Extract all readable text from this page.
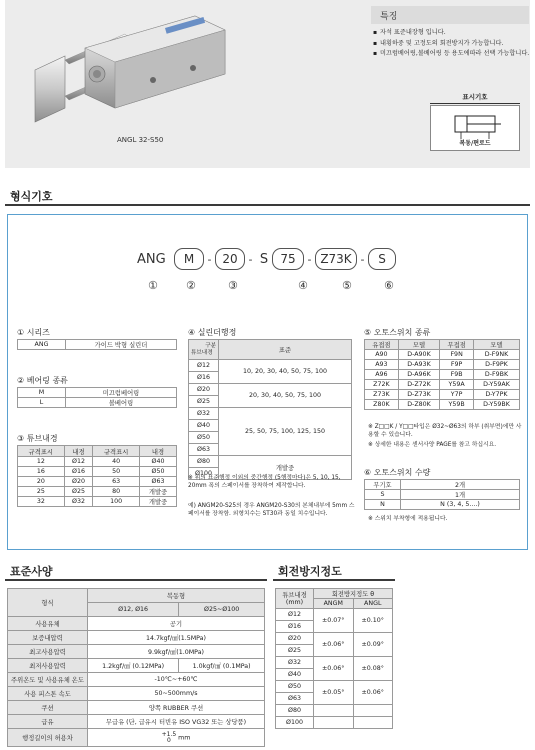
ANGL 32-S50
특징
▪ 자석 표준내장형 입니다.
▪ 내횡하중 및 고정도의 회전방지가 가능합니다.
▪ 미끄럼베어링,볼베어링 등 용도에따라 선택 가능합니다.
표시기호
복동/편로드
형식기호
ANG	M	- 20 - S	75	- Z73K -	S
①	②	③	④	⑤	⑥
① 시리즈
ANG	가이드 박형 실린더
② 베어링 종류
M	미끄럼베어링
L	볼베어링
③ 튜브내경
규격표시	내경	규격표시	내경
12	Ø12	40	Ø40
16	Ø16	50	Ø50
20	Ø20	63	Ø63
25	Ø25	80	개발중
32	Ø32	100	개발중
④ 실린더행정
구분
튜브내경	표준
Ø12	10, 20, 30, 40, 50, 75, 100
Ø16	
Ø20	20, 30, 40, 50, 75, 100
Ø25	
Ø32	25, 50, 75, 100, 125, 150
Ø40	
Ø50	
Ø63	
Ø80	개발중
Ø100	
※ 위의 표준행정 이외의 중간행정 (5행정마다)은 5, 10, 15, 20mm 폭의 스페이서를 장착하여 제작합니다.
예) ANGM20-S25의 경우 ANGM20-S30의 본체내부에 5mm 스페이서를 장착함. 외형치수는 ST30과 동일 치수입니다.
⑤ 오토스위치 종류
유접점	모델	무접점	모델
A90	D-A90K	F9N	D-F9NK
A93	D-A93K	F9P	D-F9PK
A96	D-A96K	F9B	D-F9BK
Z72K	D-Z72K	Y59A	D-Y59AK
Z73K	D-Z73K	Y7P	D-Y7PK
Z80K	D-Z80K	Y59B	D-Y59BK
※ Z□□K / Y□□타입은 Ø32~Ø63의 하부 (취부면)에만 사용할 수 있습니다.
※ 상세한 내용은 센서사양 PAGE를 참고 하십시요.
⑥ 오토스위치 수량
무기호	2개
S	1개
N	N (3, 4, 5....)
※ 스위치 부착형에 적용됩니다.
표준사양
형식	복동형	
	Ø12, Ø16	Ø25~Ø100
사용유체	공기	
보증내압력	14.7kgf/㎠(1.5MPa)	
최고사용압력	9.9kgf/㎠(1.0MPa)	
최저사용압력	1.2kgf/㎠ (0.12MPa)	1.0kgf/㎠ (0.1MPa)
주위온도 및 사용유체 온도	-10℃~+60℃	
사용 피스톤 속도	50~500mm/s	
쿠션	양쪽 RUBBER 쿠션	
급유	무급유 (단, 급유시 터빈유 ISO VG32 또는 상당품)	
행정길이의 허용차	+1.5
0 mm	
회전방지정도
튜브내경
(mm)	회전방지정도 θ	
	ANGM	ANGL
Ø12	±0.07°	±0.10°
Ø16		
Ø20	±0.06°	±0.09°
Ø25		
Ø32	±0.06°	±0.08°
Ø40		
Ø50	±0.05°	±0.06°
Ø63		
Ø80		
Ø100		
